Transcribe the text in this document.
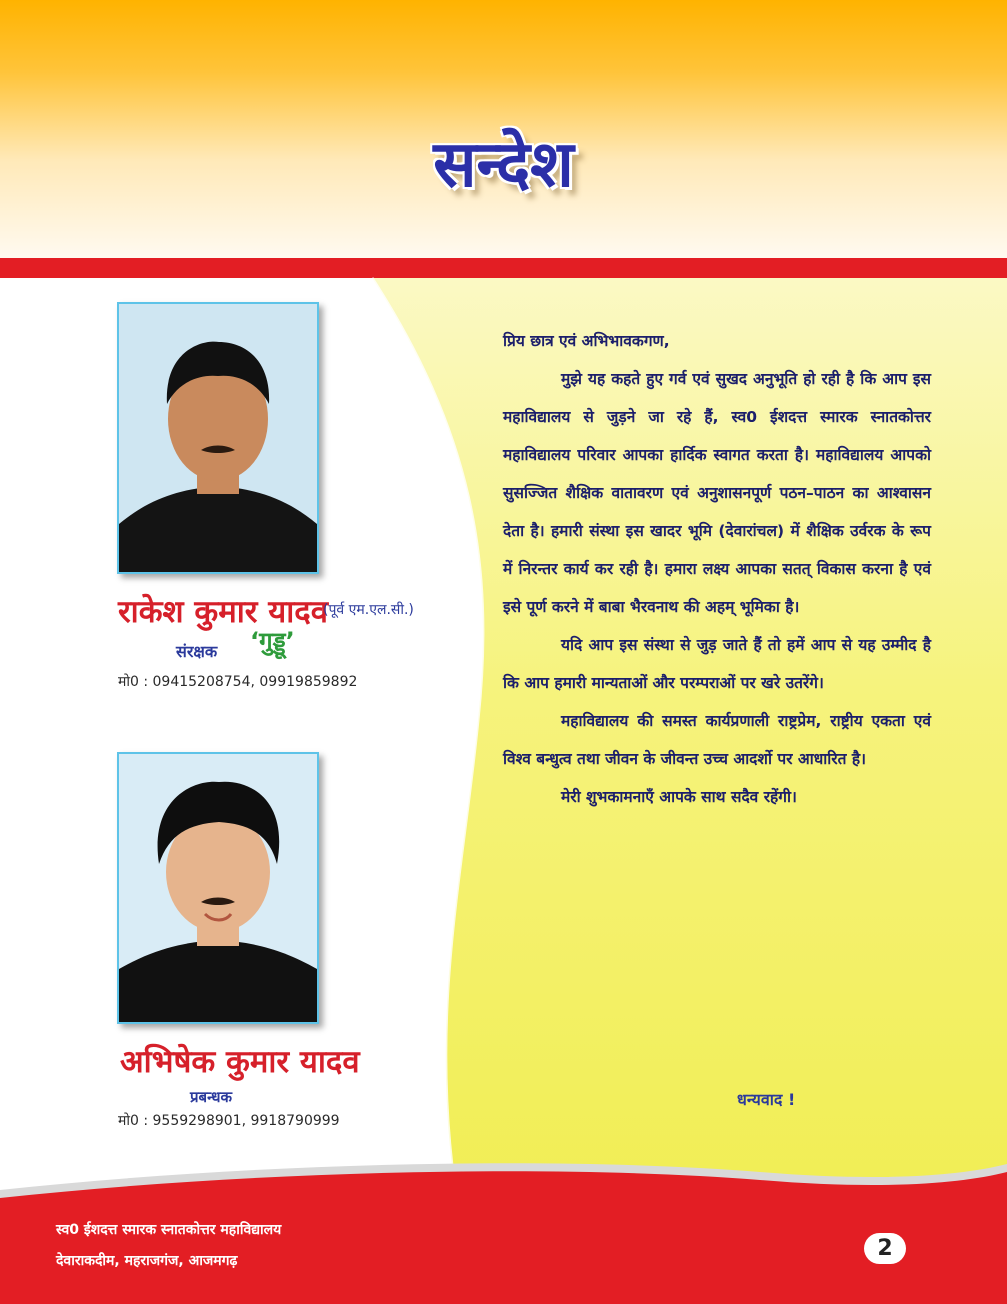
सन्देश
राकेश कुमार यादव
(पूर्व एम.एल.सी.)
‘गुड्डू’
संरक्षक
मो0 : 09415208754, 09919859892
अभिषेक कुमार यादव
प्रबन्धक
मो0 : 9559298901, 9918790999

प्रिय छात्र एवं अभिभावकगण,

मुझे यह कहते हुए गर्व एवं सुखद अनुभूति हो रही है कि आप इस महाविद्यालय से जुड़ने जा रहे हैं, स्व0 ईशदत्त स्मारक स्नातकोत्तर महाविद्यालय परिवार आपका हार्दिक स्वागत करता है। महाविद्यालय आपको सुसज्जित शैक्षिक वातावरण एवं अनुशासनपूर्ण पठन–पाठन का आश्वासन देता है। हमारी संस्था इस खादर भूमि (देवारांचल) में शैक्षिक उर्वरक के रूप में निरन्तर कार्य कर रही है। हमारा लक्ष्य आपका सतत् विकास करना है एवं इसे पूर्ण करने में बाबा भैरवनाथ की अहम् भूमिका है।

यदि आप इस संस्था से जुड़ जाते हैं तो हमें आप से यह उम्मीद है कि आप हमारी मान्यताओं और परम्पराओं पर खरे उतरेंगे।

महाविद्यालय की समस्त कार्यप्रणाली राष्ट्रप्रेम, राष्ट्रीय एकता एवं विश्व बन्धुत्व तथा जीवन के जीवन्त उच्च आदर्शो पर आधारित है।

मेरी शुभकामनाएँ आपके साथ सदैव रहेंगी।

धन्यवाद !
स्व0 ईशदत्त स्मारक स्नातकोत्तर महाविद्यालय
देवाराकदीम, महराजगंज, आजमगढ़	2
